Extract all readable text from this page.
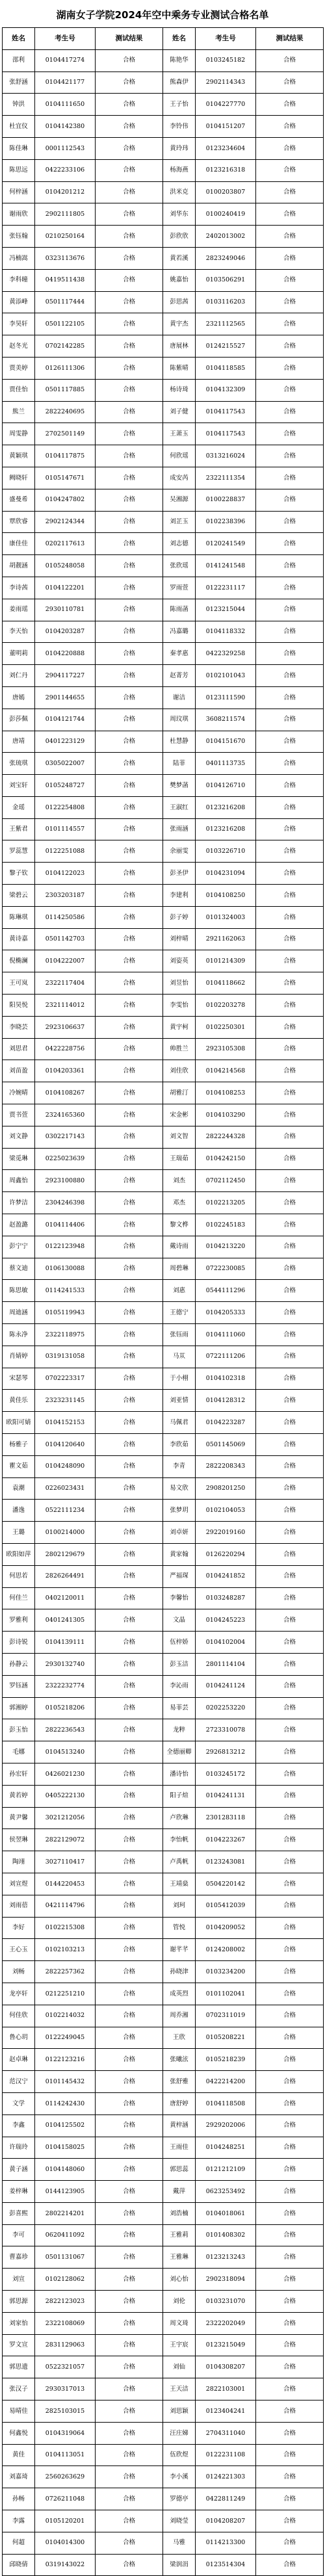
湖南女子学院2024年空中乘务专业测试合格名单
姓名	考生号	测试结果	姓名	考生号	测试结果
邵利	0104417274	合格	陈艳华	0103245182	合格
张舒涵	0104421177	合格	熊森伊	2902114343	合格
钟洪	0104111650	合格	王子怡	0104227770	合格
杜宜仪	0104142380	合格	李铃伟	0104151207	合格
陈佳琳	0001112543	合格	黄玲玮	0123234604	合格
陈思远	0422233106	合格	杨海燕	0123216318	合格
何梓涵	0104201212	合格	洪米克	0100203807	合格
谢雨欣	2902111805	合格	刘华东	0100240419	合格
张钰翰	0210250164	合格	彭欣欣	2402013002	合格
冯楠嵩	0323113676	合格	黄若溪	2823249046	合格
李科曈	0419511438	合格	姚嘉怡	0103506291	合格
黄添峰	0501117444	合格	彭思茜	0103116203	合格
李昊轩	0501122105	合格	黄宇杰	2321112565	合格
赵冬光	0702142285	合格	唐展林	0124215527	合格
贾美婷	0126111306	合格	陈紫晴	0104118585	合格
贾佳怡	0501117885	合格	杨诗琦	0104132309	合格
熊兰	2822240695	合格	刘子健	0104117543	合格
周雯静	2702501149	合格	王萧玉	0104117543	合格
黄颖琪	0104117875	合格	何欣瑶	0313216024	合格
阙晓轩	0105147671	合格	成安芮	2322111354	合格
盛曼希	0104247802	合格	吴湘源	0100228837	合格
覃欣睿	2902124344	合格	刘芷玉	0102238396	合格
康佳佳	0202117613	合格	刘志德	0120241549	合格
胡靓涵	0105248058	合格	张欣瑶	0141241548	合格
李诗茜	0104122201	合格	罗雨萱	0122231117	合格
姜雨瑶	2930110781	合格	陈雨菡	0123215044	合格
李天怡	0104203287	合格	冯嘉璐	0104118332	合格
董明莉	0104220888	合格	秦孝惠	0422329258	合格
刘仁丹	2904117227	合格	赵菁芳	0102101043	合格
唐嫣	2901144655	合格	谢洁	0123111590	合格
彭莎佩	0104121744	合格	周玟琪	3608211574	合格
唐靖	0401223129	合格	杜慧静	0104151670	合格
张琉琪	0305022007	合格	陆菲	0401113735	合格
刘宝轩	0105248727	合格	樊梦菡	0104126710	合格
金瑶	0122254808	合格	王淑红	0123216208	合格
王紫君	0101114557	合格	张雨涵	0123216208	合格
罗蕊慧	0122251088	合格	余丽雯	0103226710	合格
黎子钦	0104122023	合格	彭圣伊	0104231094	合格
梁碧云	2303203187	合格	李建利	0104108250	合格
陈琳琪	0114250586	合格	彭子婷	0101324003	合格
黄诗嘉	0501142703	合格	刘梓晴	2921162063	合格
倪椭澜	0104222007	合格	刘姿英	0101214309	合格
王可岚	2322117404	合格	刘昱怡	0104118662	合格
阳昊悦	2321114012	合格	李雯怡	0102203278	合格
李晓芸	2923106637	合格	黄宇柯	0102250301	合格
刘思君	0422228756	合格	帅胜兰	2923105308	合格
刘苗盈	0104203361	合格	刘佳欣	0104214568	合格
冷婉晴	0104108267	合格	胡雅汀	0104108253	合格
贾书萱	2324165360	合格	宋金彬	0104103290	合格
刘文静	0302217143	合格	刘文智	2822244328	合格
梁觅琳	0225023639	合格	王瑞茹	0104242150	合格
周鑫怡	2923100880	合格	刘杰	0702112450	合格
许梦洁	2304246398	合格	邓杰	0102213205	合格
赵盈潞	0104114406	合格	黎文桦	0102245183	合格
彭宁宁	0122123948	合格	戴诗雨	0104213220	合格
蔡文迪	0106130088	合格	周碧琳	0722230085	合格
陈思敏	0114241533	合格	刘惠	0544111296	合格
周迪涵	0105119943	合格	王德宁	0104205333	合格
陈永净	2322118975	合格	张钰雨	0104111060	合格
肖婧婷	0319131058	合格	马苁	0722111206	合格
宋瑟琴	0702223317	合格	于小栩	0104102318	合格
黄佳乐	2323231145	合格	刘亚情	0104128312	合格
欧阳可婧	0104152153	合格	马佩君	0104223287	合格
杨雅子	0104120640	合格	李欣茹	0501145069	合格
瞿文茹	0104248090	合格	李青	2822208343	合格
袁潮	0226023431	合格	易文欣	2908201250	合格
潘逸	0522111234	合格	张梦玥	0102104053	合格
王璐	0100214000	合格	刘卓妍	2922019160	合格
欧阳如萍	2802129679	合格	黄家翰	0126220294	合格
何思若	2826264491	合格	严福琛	0104241852	合格
何佳兰	0402120011	合格	李馨怡	0103248287	合格
罗雅利	0401241305	合格	文晶	0104245223	合格
彭诗锐	0104139111	合格	伍梓娇	0104102004	合格
孙静云	2930132740	合格	彭玉洁	2801114104	合格
罗钰涵	2322232774	合格	李沁雨	0104241124	合格
郭湘婷	0105218206	合格	易菲芸	0202253220	合格
彭玉怡	2822236543	合格	龙粹	2723310078	合格
毛娜	0104513240	合格	全德丽卿	2926813212	合格
孙宏轩	0426021230	合格	潘诗怡	0103245172	合格
黄若婷	0405222130	合格	阳子煊	0104241131	合格
黄尹馨	3021212056	合格	卢欣琳	2301283118	合格
侯翌琳	2822129072	合格	李怡帆	0104223267	合格
陶翊	3027110417	合格	卢禹帆	0123243081	合格
刘宣煜	0144220453	合格	王靖燊	0504220142	合格
刘雨蓓	0421114796	合格	刘珂	0105412039	合格
李好	0102215308	合格	管悦	0104209052	合格
王心玉	0102103213	合格	谢芊芊	0124208002	合格
刘畅	2822257362	合格	孙晓津	0103234200	合格
龙亭轩	0212251210	合格	成英烈	0101102041	合格
何佳欣	0102214032	合格	周乔湘	0702311019	合格
鲁心玥	0122249045	合格	王欣	0105208221	合格
赵卓琳	0122123216	合格	张曦泫	0105218239	合格
范汉宁	0101145432	合格	张舒雅	0422214200	合格
文学	0114242430	合格	唐舒婷	0104118508	合格
李鑫	0104125502	合格	黄梓涵	2929202006	合格
许瑞玲	0104158025	合格	王雨佳	0104248251	合格
黄子涵	0104148060	合格	郭思蕊	0121212109	合格
姜梓琳	0144123905	合格	戴萍	0623253492	合格
彭喜熙	2802214201	合格	刘浩楠	0104018061	合格
李可	0620411092	合格	王雅莉	0101408302	合格
曹嘉珍	0501131067	合格	王雅琳	0123213243	合格
刘宣	0102128062	合格	刘心怡	2902318094	合格
郭思源	2822123023	合格	刘伦	0103231070	合格
刘家怡	2322108069	合格	周文琦	2322202049	合格
罗文宣	2831129063	合格	王宇宸	0123215049	合格
郭思遗	0522321057	合格	刘仙	0104308207	合格
张汉子	2930317013	合格	王天洁	2822103001	合格
易晴佳	2825103015	合格	刘思颖	0123404241	合格
何鑫悦	0104319064	合格	汪庄娣	2704311040	合格
黄佳	0104113051	合格	伍欣煜	0122231108	合格
刘嘉琦	2560263629	合格	李小溪	0124221303	合格
孙畅	0726211048	合格	罗德亭	0422811249	合格
李露	0105120201	合格	刘晓莹	0104208207	合格
何超	0104014300	合格	马雅	0114213300	合格
邱晓倩	0319143022	合格	梁润涓	0123514304	合格
